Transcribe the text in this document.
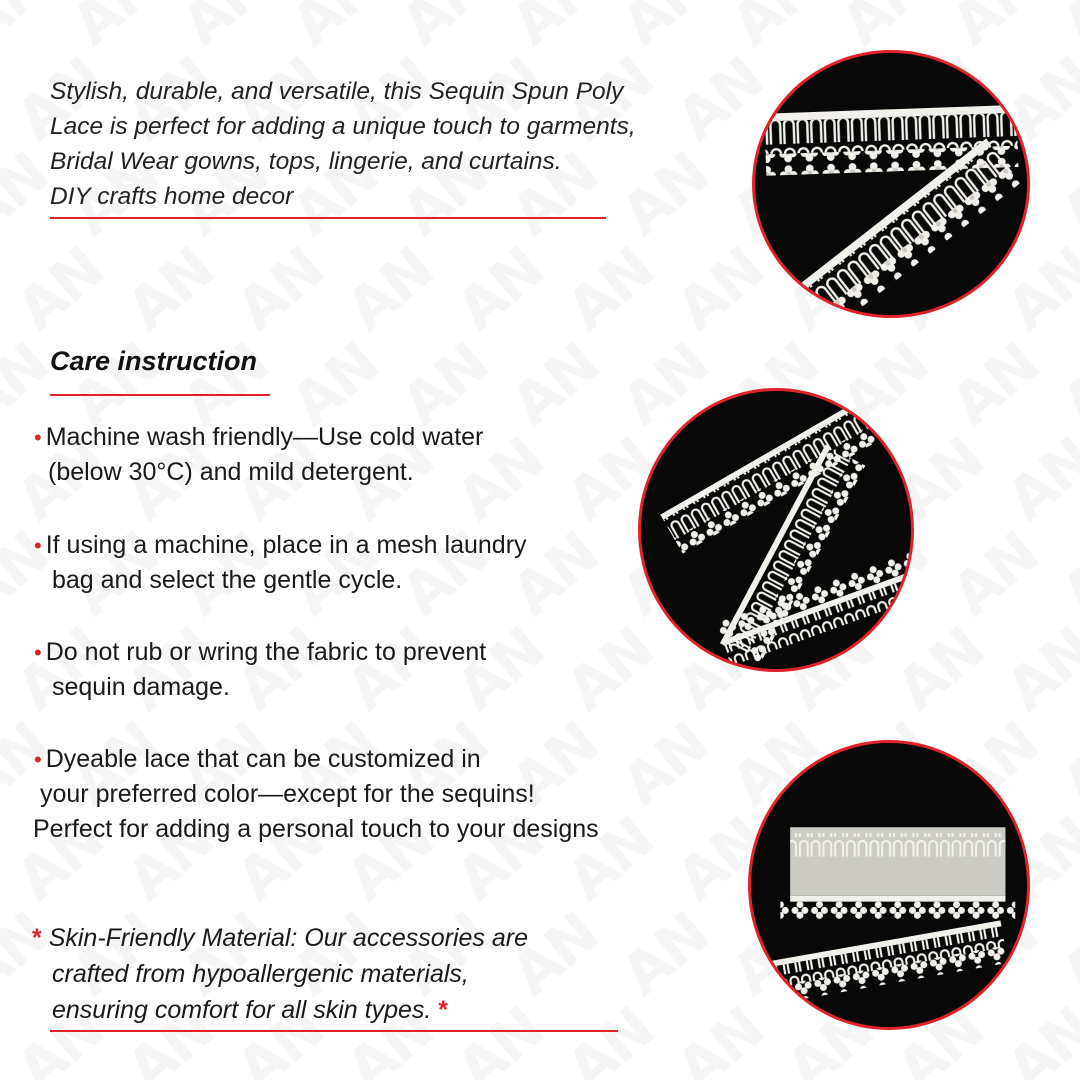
Stylish, durable, and versatile, this Sequin Spun Poly

Lace is perfect for adding a unique touch to garments,

Bridal Wear gowns, tops, lingerie, and curtains.

DIY crafts home decor

Care instruction
• Machine wash friendly—Use cold water
(below 30°C) and mild detergent.
• If using a machine, place in a mesh laundry
bag and select the gentle cycle.
• Do not rub or wring the fabric to prevent
sequin damage.
• Dyeable lace that can be customized in
your preferred color—except for the sequins!
Perfect for adding a personal touch to your designs
* Skin-Friendly Material: Our accessories are
crafted from hypoallergenic materials,
ensuring comfort for all skin types. *
